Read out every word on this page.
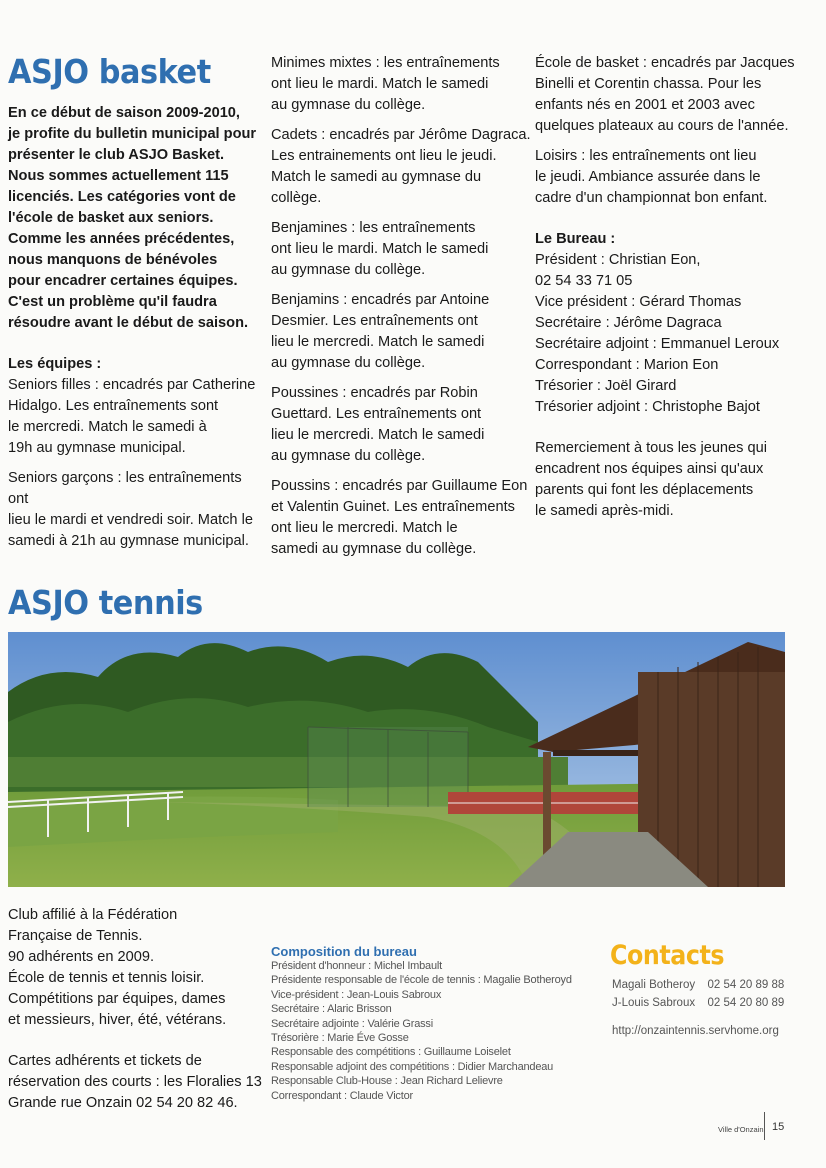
ASJO basket

En ce début de saison 2009-2010,
je profite du bulletin municipal pour
présenter le club ASJO Basket.
Nous sommes actuellement 115
licenciés. Les catégories vont de
l'école de basket aux seniors.
Comme les années précédentes,
nous manquons de bénévoles
pour encadrer certaines équipes.
C'est un problème qu'il faudra
résoudre avant le début de saison.

Les équipes :

Seniors filles : encadrés par Catherine
Hidalgo. Les entraînements sont
le mercredi. Match le samedi à
19h au gymnase municipal.

Seniors garçons : les entraînements ont
lieu le mardi et vendredi soir. Match le
samedi à 21h au gymnase municipal.

Minimes mixtes : les entraînements
ont lieu le mardi. Match le samedi
au gymnase du collège.

Cadets : encadrés par Jérôme Dagraca.
Les entrainements ont lieu le jeudi.
Match le samedi au gymnase du collège.

Benjamines : les entraînements
ont lieu le mardi. Match le samedi
au gymnase du collège.

Benjamins : encadrés par Antoine
Desmier. Les entraînements ont
lieu le mercredi. Match le samedi
au gymnase du collège.

Poussines : encadrés par Robin
Guettard. Les entraînements ont
lieu le mercredi. Match le samedi
au gymnase du collège.

Poussins : encadrés par Guillaume Eon
et Valentin Guinet. Les entraînements
ont lieu le mercredi. Match le
samedi au gymnase du collège.

École de basket : encadrés par Jacques
Binelli et Corentin chassa. Pour les
enfants nés en 2001 et 2003 avec
quelques plateaux au cours de l'année.

Loisirs : les entraînements ont lieu
le jeudi. Ambiance assurée dans le
cadre d'un championnat bon enfant.

Le Bureau :

Président : Christian Eon,
02 54 33 71 05
Vice président : Gérard Thomas
Secrétaire : Jérôme Dagraca
Secrétaire adjoint : Emmanuel Leroux
Correspondant : Marion Eon
Trésorier : Joël Girard
Trésorier adjoint : Christophe Bajot

Remerciement à tous les jeunes qui
encadrent nos équipes ainsi qu'aux
parents qui font les déplacements
le samedi après-midi.

ASJO tennis

Club affilié à la Fédération
Française de Tennis.
90 adhérents en 2009.
École de tennis et tennis loisir.
Compétitions par équipes, dames
et messieurs, hiver, été, vétérans.

Cartes adhérents et tickets de
réservation des courts : les Floralies 13
Grande rue Onzain 02 54 20 82 46.

Composition du bureau
Président d'honneur : Michel Imbault
Présidente responsable de l'école de tennis : Magalie Botheroyd
Vice-président : Jean-Louis Sabroux
Secrétaire : Alaric Brisson
Secrétaire adjointe : Valérie Grassi
Trésorière : Marie Éve Gosse
Responsable des compétitions : Guillaume Loiselet
Responsable adjoint des compétitions : Didier Marchandeau
Responsable Club-House : Jean Richard Lelievre
Correspondant : Claude Victor
Contacts
Magali Botheroy 02 54 20 89 88
J-Louis Sabroux 02 54 20 80 89
http://onzaintennis.servhome.org
Ville d'Onzain 15
